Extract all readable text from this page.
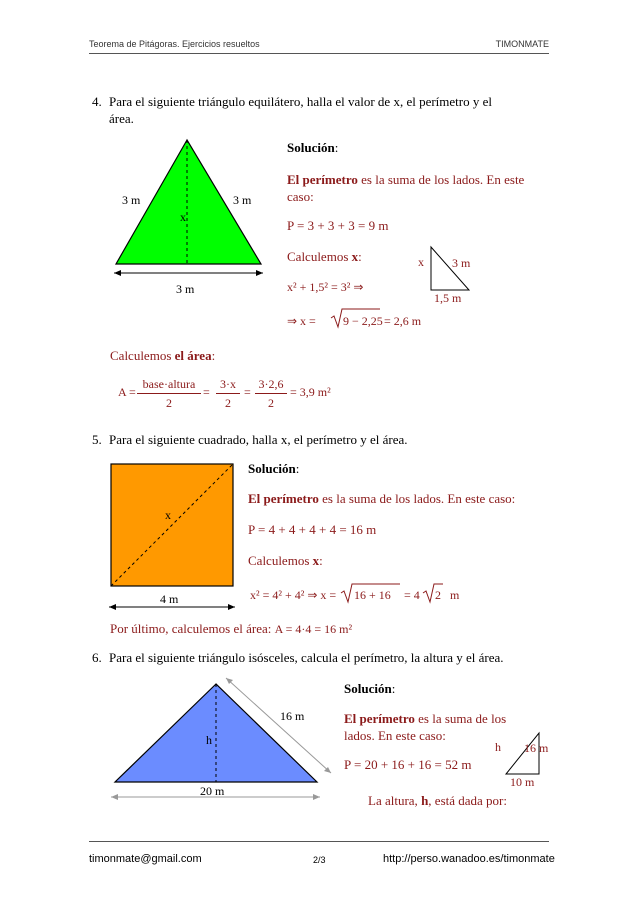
Teorema de Pitágoras. Ejercicios resueltos	TIMONMATE
4. Para el siguiente triángulo equilátero, halla el valor de x, el perímetro y el
área.
3 m	3 m
x
3 m
Solución:
El perímetro es la suma de los lados. En este
caso:
P = 3 + 3 + 3 = 9 m
Calculemos x:	x 3 m
1,5 m
x² + 1,5² = 3² ⇒
⇒ x = 9 − 2,25 = 2,6 m
Calculemos el área:
A =
base·altura
2
=
3·x
2
=
3·2,6
2
= 3,9 m²
5. Para el siguiente cuadrado, halla x, el perímetro y el área.
x
4 m
Solución:
El perímetro es la suma de los lados. En este caso:
P = 4 + 4 + 4 + 4 = 16 m
Calculemos x:
x² = 4² + 4² ⇒ x = 16 + 16 = 4 2 m
Por último, calculemos el área: A = 4·4 = 16 m²
6. Para el siguiente triángulo isósceles, calcula el perímetro, la altura y el área.
16 m
h
20 m
Solución:
El perímetro es la suma de los
lados. En este caso:
P = 20 + 16 + 16 = 52 m
h 16 m
10 m
La altura, h, está dada por:
timonmate@gmail.com	2/3	http://perso.wanadoo.es/timonmate
